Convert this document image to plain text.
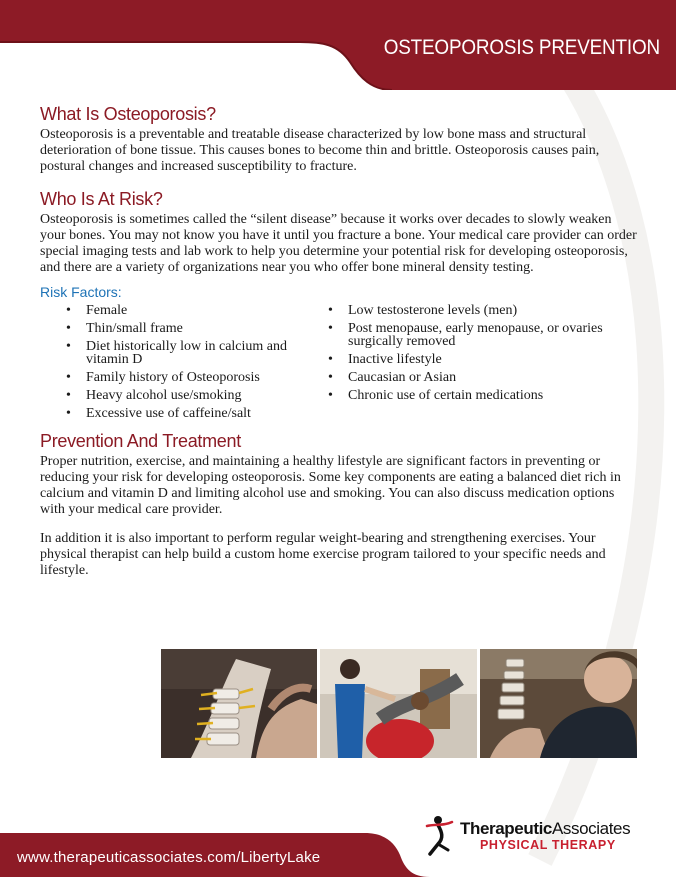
OSTEOPOROSIS PREVENTION
What Is Osteoporosis?

Osteoporosis is a preventable and treatable disease characterized by low bone mass and structural deterioration of bone tissue. This causes bones to become thin and brittle. Osteoporosis causes pain, postural changes and increased susceptibility to fracture.

Who Is At Risk?

Osteoporosis is sometimes called the “silent disease” because it works over decades to slowly weaken your bones. You may not know you have it until you fracture a bone. Your medical care provider can order special imaging tests and lab work to help you determine your potential risk for developing osteoporosis, and there are a variety of organizations near you who offer bone mineral density testing.

Risk Factors:
• Female
• Thin/small frame
• Diet historically low in calcium and vitamin D
• Family history of Osteoporosis
• Heavy alcohol use/smoking
• Excessive use of caffeine/salt
• Low testosterone levels (men)
• Post menopause, early menopause, or ovaries surgically removed
• Inactive lifestyle
• Caucasian or Asian
• Chronic use of certain medications
Prevention And Treatment

Proper nutrition, exercise, and maintaining a healthy lifestyle are significant factors in preventing or reducing your risk for developing osteoporosis. Some key components are eating a balanced diet rich in calcium and vitamin D and limiting alcohol use and smoking. You can also discuss medication options with your medical care provider.

In addition it is also important to perform regular weight-bearing and strengthening exercises. Your physical therapist can help build a custom home exercise program tailored to your specific needs and lifestyle.

www.therapeuticassociates.com/LibertyLake
TherapeuticAssociates
PHYSICAL THERAPY
